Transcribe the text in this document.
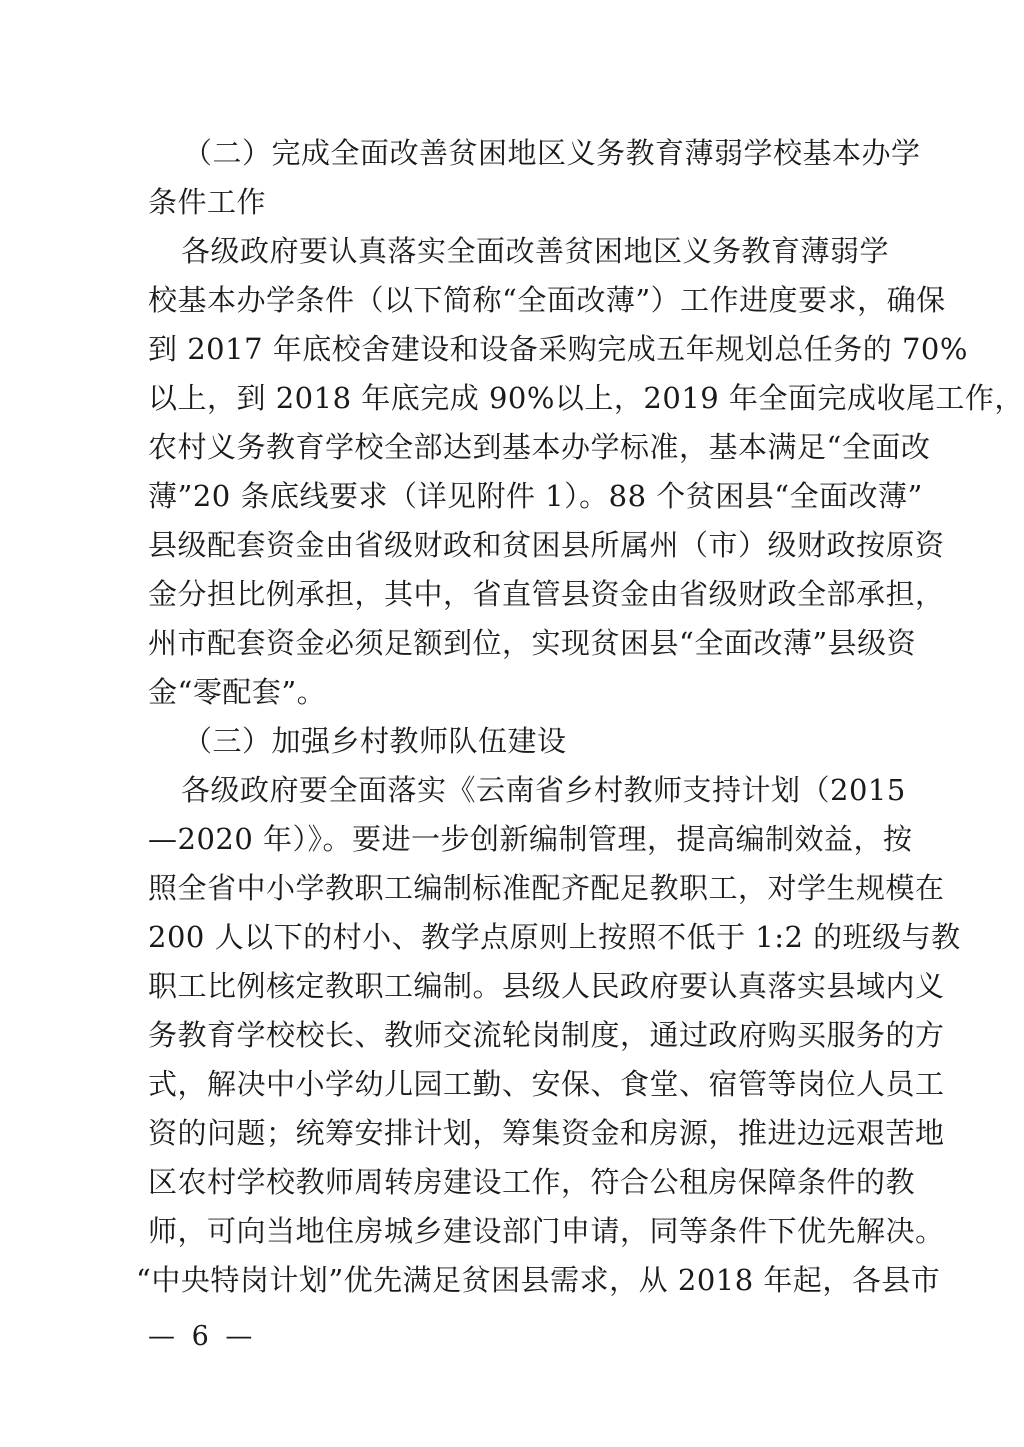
（二）完成全面改善贫困地区义务教育薄弱学校基本办学
条件工作
各级政府要认真落实全面改善贫困地区义务教育薄弱学
校基本办学条件（以下简称“全面改薄”）工作进度要求，确保
到 2017 年底校舍建设和设备采购完成五年规划总任务的 70%
以上，到 2018 年底完成 90%以上，2019 年全面完成收尾工作，
农村义务教育学校全部达到基本办学标准，基本满足“全面改
薄”20 条底线要求（详见附件 1）。88 个贫困县“全面改薄”
县级配套资金由省级财政和贫困县所属州（市）级财政按原资
金分担比例承担，其中，省直管县资金由省级财政全部承担，
州市配套资金必须足额到位，实现贫困县“全面改薄”县级资
金“零配套”。
（三）加强乡村教师队伍建设
各级政府要全面落实《云南省乡村教师支持计划（2015
—2020 年）》。要进一步创新编制管理，提高编制效益，按
照全省中小学教职工编制标准配齐配足教职工，对学生规模在
200 人以下的村小、教学点原则上按照不低于 1:2 的班级与教
职工比例核定教职工编制。县级人民政府要认真落实县域内义
务教育学校校长、教师交流轮岗制度，通过政府购买服务的方
式，解决中小学幼儿园工勤、安保、食堂、宿管等岗位人员工
资的问题；统筹安排计划，筹集资金和房源，推进边远艰苦地
区农村学校教师周转房建设工作，符合公租房保障条件的教
师，可向当地住房城乡建设部门申请，同等条件下优先解决。
“中央特岗计划”优先满足贫困县需求，从 2018 年起，各县市
— 6 —
